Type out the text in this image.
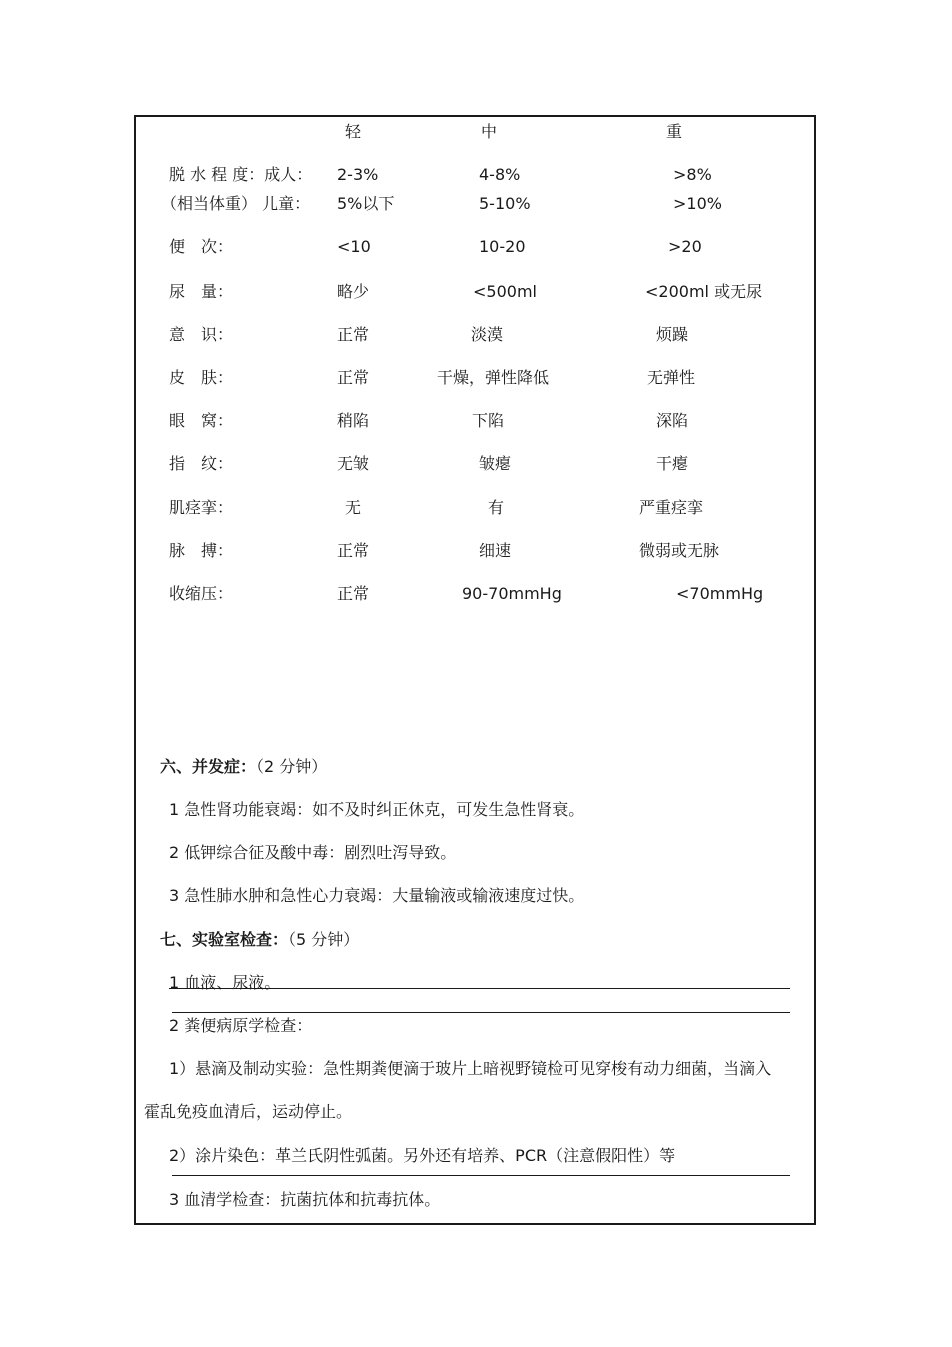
轻	中	重
脱 水 程 度：成人： 2-3%	4-8%	>8%
（相当体重） 儿童： 5%以下	5-10%	>10%
便　次：	<10	10-20	>20
尿　量：	略少	<500ml	<200ml 或无尿
意　识：	正常	淡漠	烦躁
皮　肤：	正常	干燥，弹性降低	无弹性
眼　窝：	稍陷	下陷	深陷
指　纹：	无皱	皱瘪	干瘪
肌痉挛：	无	有	严重痉挛
脉　搏：	正常	细速	微弱或无脉
收缩压：	正常	90-70mmHg	<70mmHg
六、并发症：（2 分钟）
1 急性肾功能衰竭：如不及时纠正休克，可发生急性肾衰。
2 低钾综合征及酸中毒：剧烈吐泻导致。
3 急性肺水肿和急性心力衰竭：大量输液或输液速度过快。
七、实验室检查：（5 分钟）
1 血液、尿液。
2 粪便病原学检查：
1）悬滴及制动实验：急性期粪便滴于玻片上暗视野镜检可见穿梭有动力细菌，当滴入
霍乱免疫血清后，运动停止。
2）涂片染色：革兰氏阴性弧菌。另外还有培养、PCR（注意假阳性）等
3 血清学检查：抗菌抗体和抗毒抗体。
